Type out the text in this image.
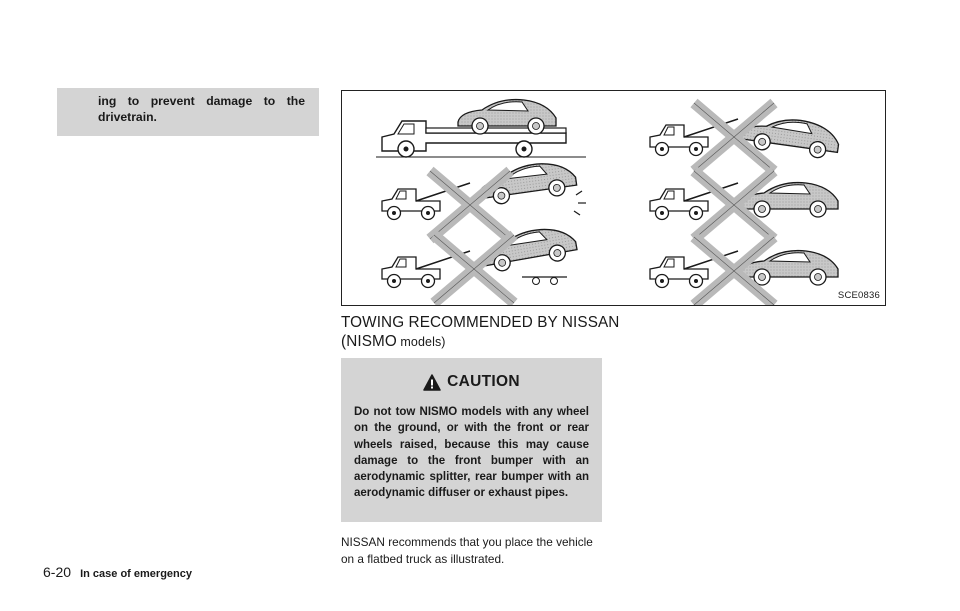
ing to prevent damage to the drivetrain.
SCE0836
TOWING RECOMMENDED BY NISSAN (NISMO models)
CAUTION
Do not tow NISMO models with any wheel on the ground, or with the front or rear wheels raised, because this may cause damage to the front bumper with an aerodynamic splitter, rear bumper with an aerodynamic diffuser or exhaust pipes.
NISSAN recommends that you place the vehicle on a flatbed truck as illustrated.
6-20 In case of emergency
